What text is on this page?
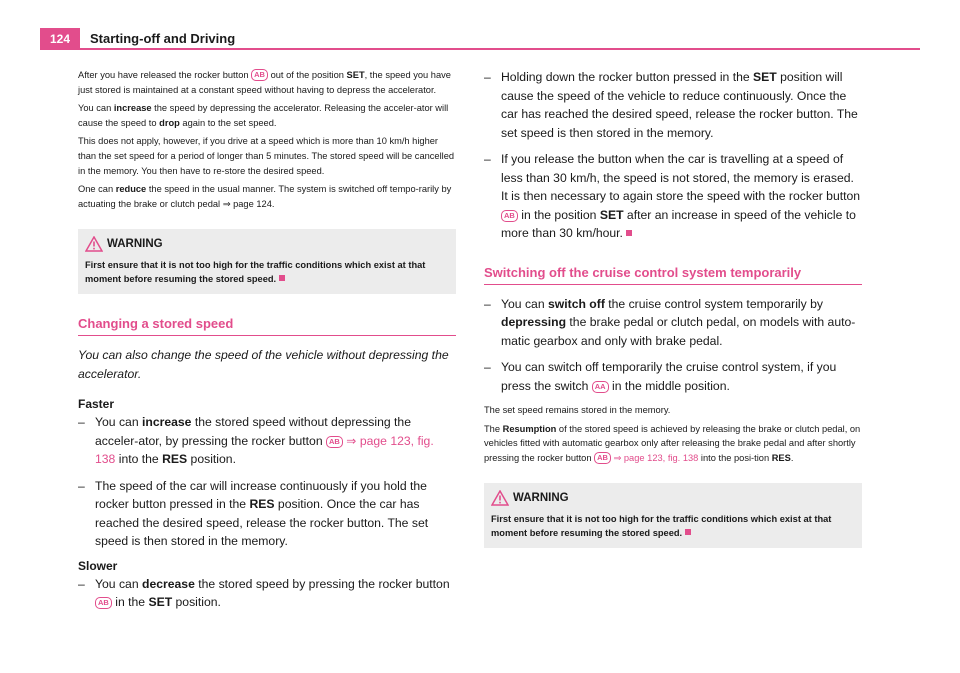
124	Starting-off and Driving

After you have released the rocker button AB out of the position SET, the speed you have just stored is maintained at a constant speed without having to depress the accelerator.

You can increase the speed by depressing the accelerator. Releasing the acceler-ator will cause the speed to drop again to the set speed.

This does not apply, however, if you drive at a speed which is more than 10 km/h higher than the set speed for a period of longer than 5 minutes. The stored speed will be cancelled in the memory. You then have to re-store the desired speed.

One can reduce the speed in the usual manner. The system is switched off tempo-rarily by actuating the brake or clutch pedal ⇒ page 124.

WARNING
First ensure that it is not too high for the traffic conditions which exist at that moment before resuming the stored speed.
Changing a stored speed

You can also change the speed of the vehicle without depressing the accelerator.

Faster

– You can increase the stored speed without depressing the acceler-ator, by pressing the rocker button AB ⇒ page 123, fig. 138 into the RES position.

– The speed of the car will increase continuously if you hold the rocker button pressed in the RES position. Once the car has reached the desired speed, release the rocker button. The set speed is then stored in the memory.

Slower

– You can decrease the stored speed by pressing the rocker button AB in the SET position.

– Holding down the rocker button pressed in the SET position will cause the speed of the vehicle to reduce continuously. Once the car has reached the desired speed, release the rocker button. The set speed is then stored in the memory.

– If you release the button when the car is travelling at a speed of less than 30 km/h, the speed is not stored, the memory is erased. It is then necessary to again store the speed with the rocker button AB in the position SET after an increase in speed of the vehicle to more than 30 km/hour.

Switching off the cruise control system temporarily

– You can switch off the cruise control system temporarily by depressing the brake pedal or clutch pedal, on models with auto-matic gearbox and only with brake pedal.

– You can switch off temporarily the cruise control system, if you press the switch AA in the middle position.

The set speed remains stored in the memory.

The Resumption of the stored speed is achieved by releasing the brake or clutch pedal, on vehicles fitted with automatic gearbox only after releasing the brake pedal and after shortly pressing the rocker button AB ⇒ page 123, fig. 138 into the posi-tion RES.

WARNING
First ensure that it is not too high for the traffic conditions which exist at that moment before resuming the stored speed.
